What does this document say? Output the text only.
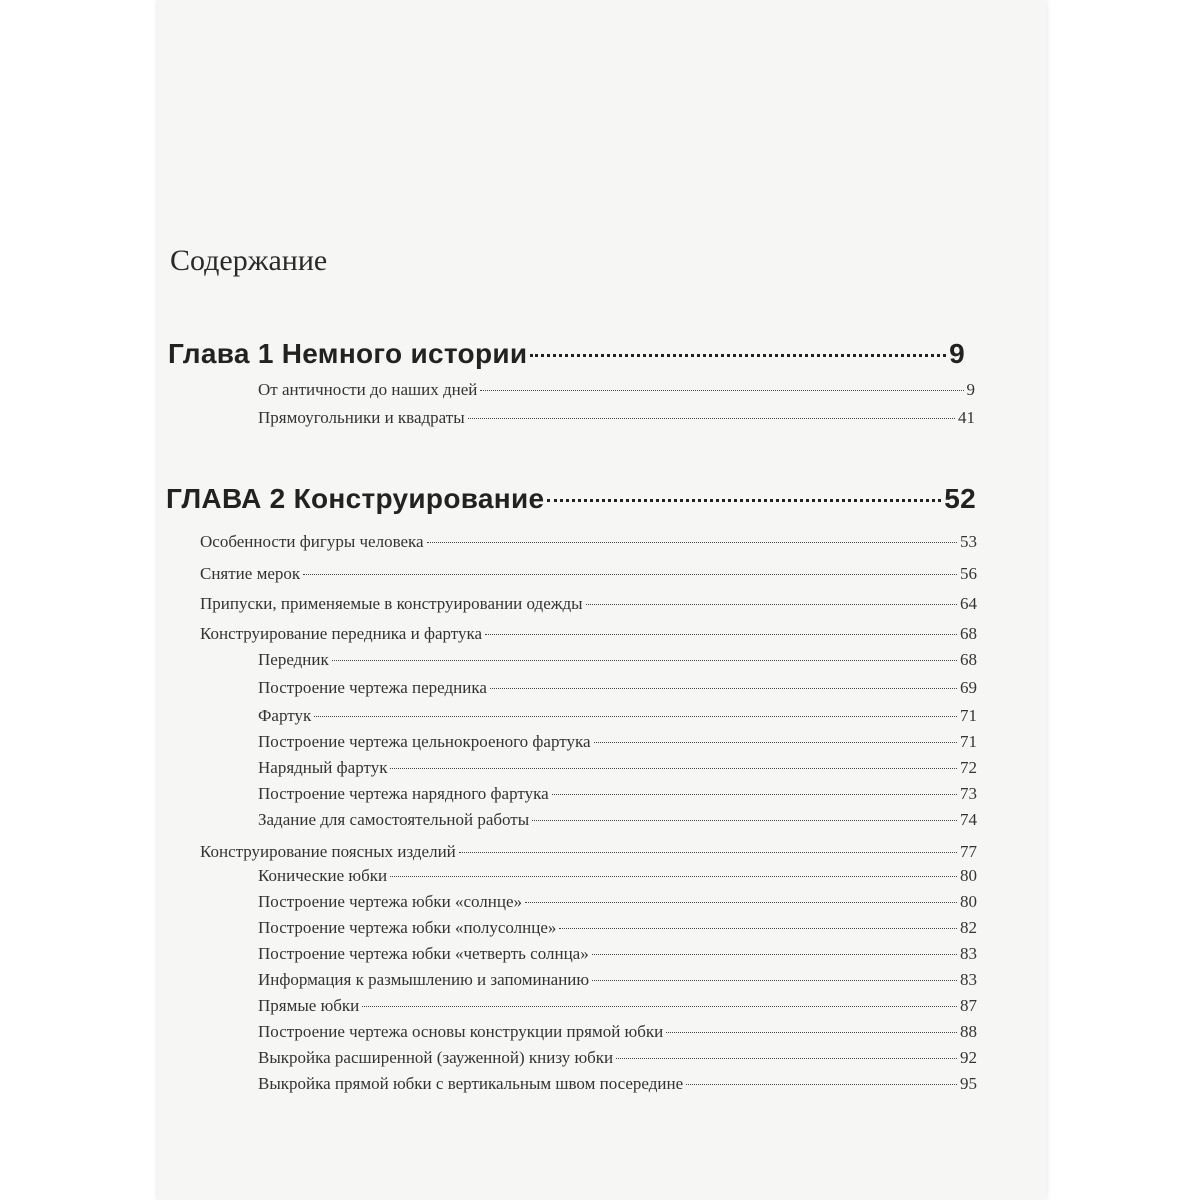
Содержание
Глава 1 Немного истории	9
От античности до наших дней	9
Прямоугольники и квадраты	41
ГЛАВА 2 Конструирование	52
Особенности фигуры человека	53
Снятие мерок	56
Припуски, применяемые в конструировании одежды	64
Конструирование передника и фартука	68
Передник	68
Построение чертежа передника	69
Фартук	71
Построение чертежа цельнокроеного фартука	71
Нарядный фартук	72
Построение чертежа нарядного фартука	73
Задание для самостоятельной работы	74
Конструирование поясных изделий	77
Конические юбки	80
Построение чертежа юбки «солнце»	80
Построение чертежа юбки «полусолнце»	82
Построение чертежа юбки «четверть солнца»	83
Информация к размышлению и запоминанию	83
Прямые юбки	87
Построение чертежа основы конструкции прямой юбки	88
Выкройка расширенной (зауженной) книзу юбки	92
Выкройка прямой юбки с вертикальным швом посередине	95
